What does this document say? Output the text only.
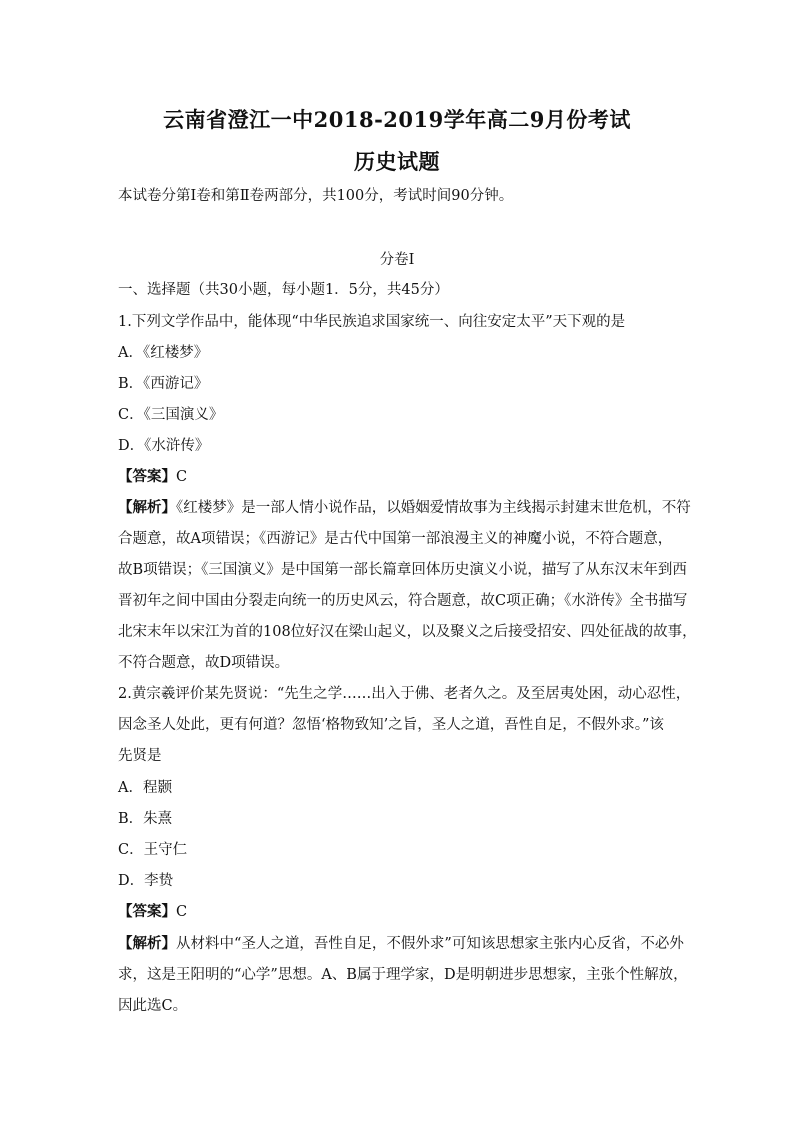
云南省澄江一中2018-2019学年高二9月份考试
历史试题
本试卷分第Ⅰ卷和第Ⅱ卷两部分，共100分，考试时间90分钟。
分卷I
一、选择题（共30小题，每小题1．5分，共45分）
1.下列文学作品中，能体现“中华民族追求国家统一、向往安定太平”天下观的是
A．《红楼梦》
B．《西游记》
C．《三国演义》
D．《水浒传》
【答案】C
【解析】《红楼梦》是一部人情小说作品，以婚姻爱情故事为主线揭示封建末世危机，不符
合题意，故A项错误；《西游记》是古代中国第一部浪漫主义的神魔小说，不符合题意，
故B项错误；《三国演义》是中国第一部长篇章回体历史演义小说，描写了从东汉末年到西
晋初年之间中国由分裂走向统一的历史风云，符合题意，故C项正确；《水浒传》全书描写
北宋末年以宋江为首的108位好汉在梁山起义，以及聚义之后接受招安、四处征战的故事，
不符合题意，故D项错误。
2.黄宗羲评价某先贤说：“先生之学……出入于佛、老者久之。及至居夷处困，动心忍性，
因念圣人处此，更有何道？忽悟‘格物致知’之旨，圣人之道，吾性自足，不假外求。”该
先贤是
A．程颢
B．朱熹
C．王守仁
D．李贽
【答案】C
【解析】从材料中“圣人之道，吾性自足，不假外求”可知该思想家主张内心反省，不必外
求，这是王阳明的“心学”思想。A、B属于理学家，D是明朝进步思想家，主张个性解放，
因此选C。
